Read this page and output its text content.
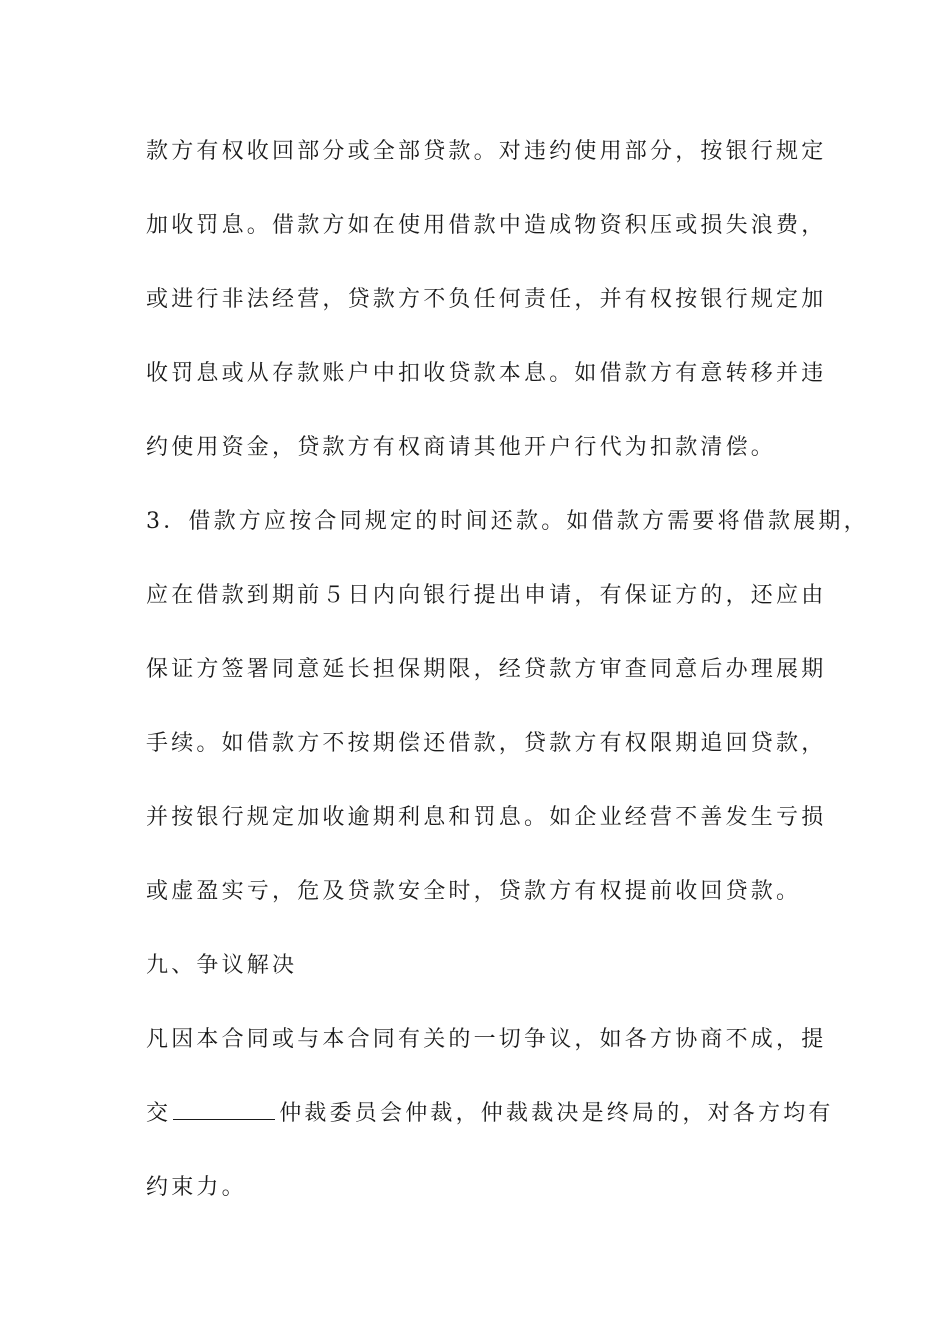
款方有权收回部分或全部贷款。对违约使用部分，按银行规定
加收罚息。借款方如在使用借款中造成物资积压或损失浪费，
或进行非法经营，贷款方不负任何责任，并有权按银行规定加
收罚息或从存款账户中扣收贷款本息。如借款方有意转移并违
约使用资金，贷款方有权商请其他开户行代为扣款清偿。
3．借款方应按合同规定的时间还款。如借款方需要将借款展期，
应在借款到期前５日内向银行提出申请，有保证方的，还应由
保证方签署同意延长担保期限，经贷款方审查同意后办理展期
手续。如借款方不按期偿还借款，贷款方有权限期追回贷款，
并按银行规定加收逾期利息和罚息。如企业经营不善发生亏损
或虚盈实亏，危及贷款安全时，贷款方有权提前收回贷款。
九、争议解决
凡因本合同或与本合同有关的一切争议，如各方协商不成，提
交	仲裁委员会仲裁，仲裁裁决是终局的，对各方均有
约束力。
